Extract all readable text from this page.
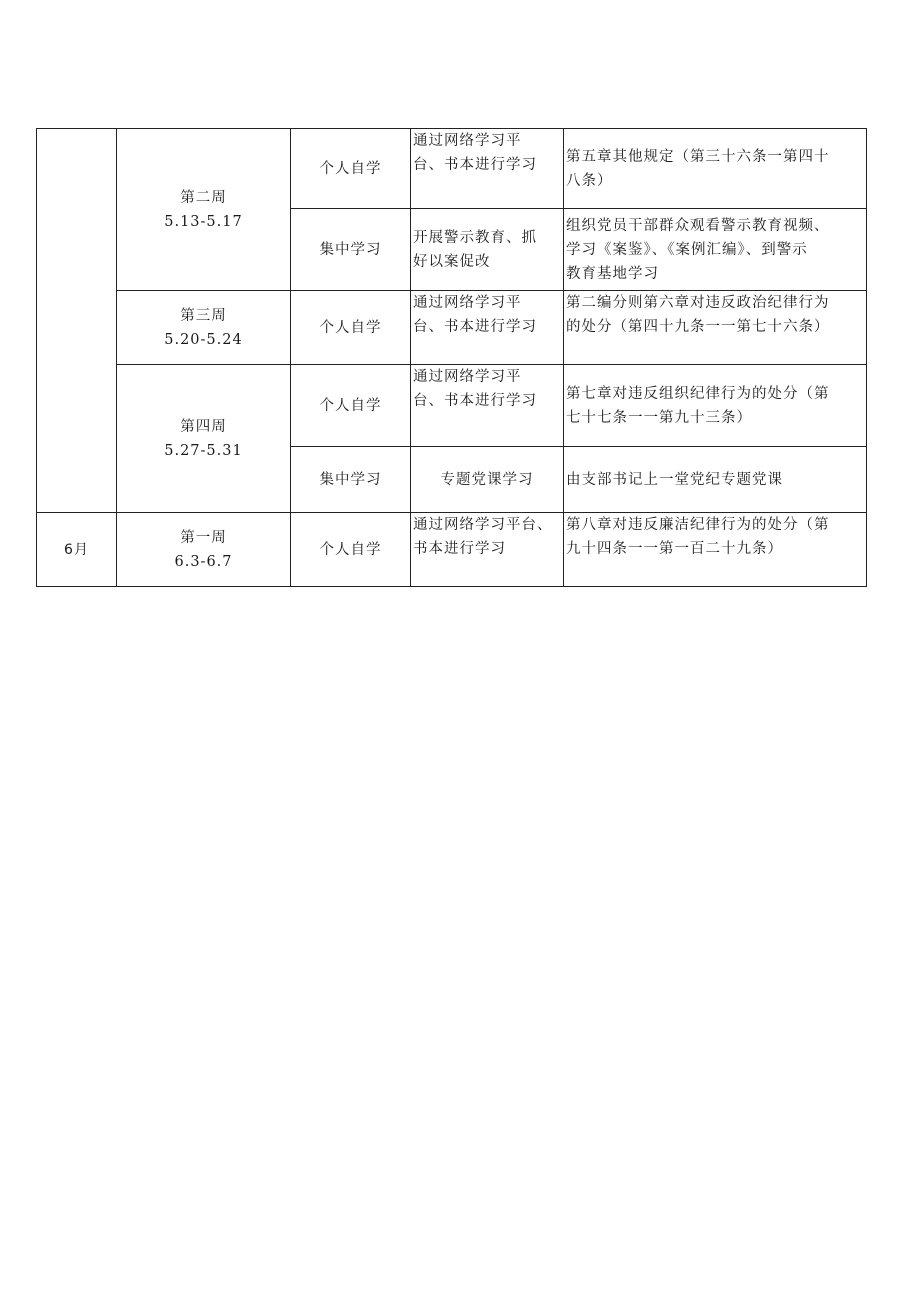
	第二周
5.13-5.17	个人自学	通过网络学习平
台、书本进行学习	第五章其他规定（第三十六条一第四十
八条）

		集中学习	开展警示教育、抓
好以案促改	组织党员干部群众观看警示教育视频、
学习《案鉴》、《案例汇编》、到警示
教育基地学习

	第三周
5.20-5.24	个人自学	通过网络学习平
台、书本进行学习	第二编分则第六章对违反政治纪律行为
的处分（第四十九条一一第七十六条）

	第四周
5.27-5.31	个人自学	通过网络学习平
台、书本进行学习	第七章对违反组织纪律行为的处分（第
七十七条一一第九十三条）

		集中学习	专题党课学习	由支部书记上一堂党纪专题党课

6月	第一周
6.3-6.7	个人自学	通过网络学习平台、
书本进行学习	第八章对违反廉洁纪律行为的处分（第
九十四条一一第一百二十九条）
